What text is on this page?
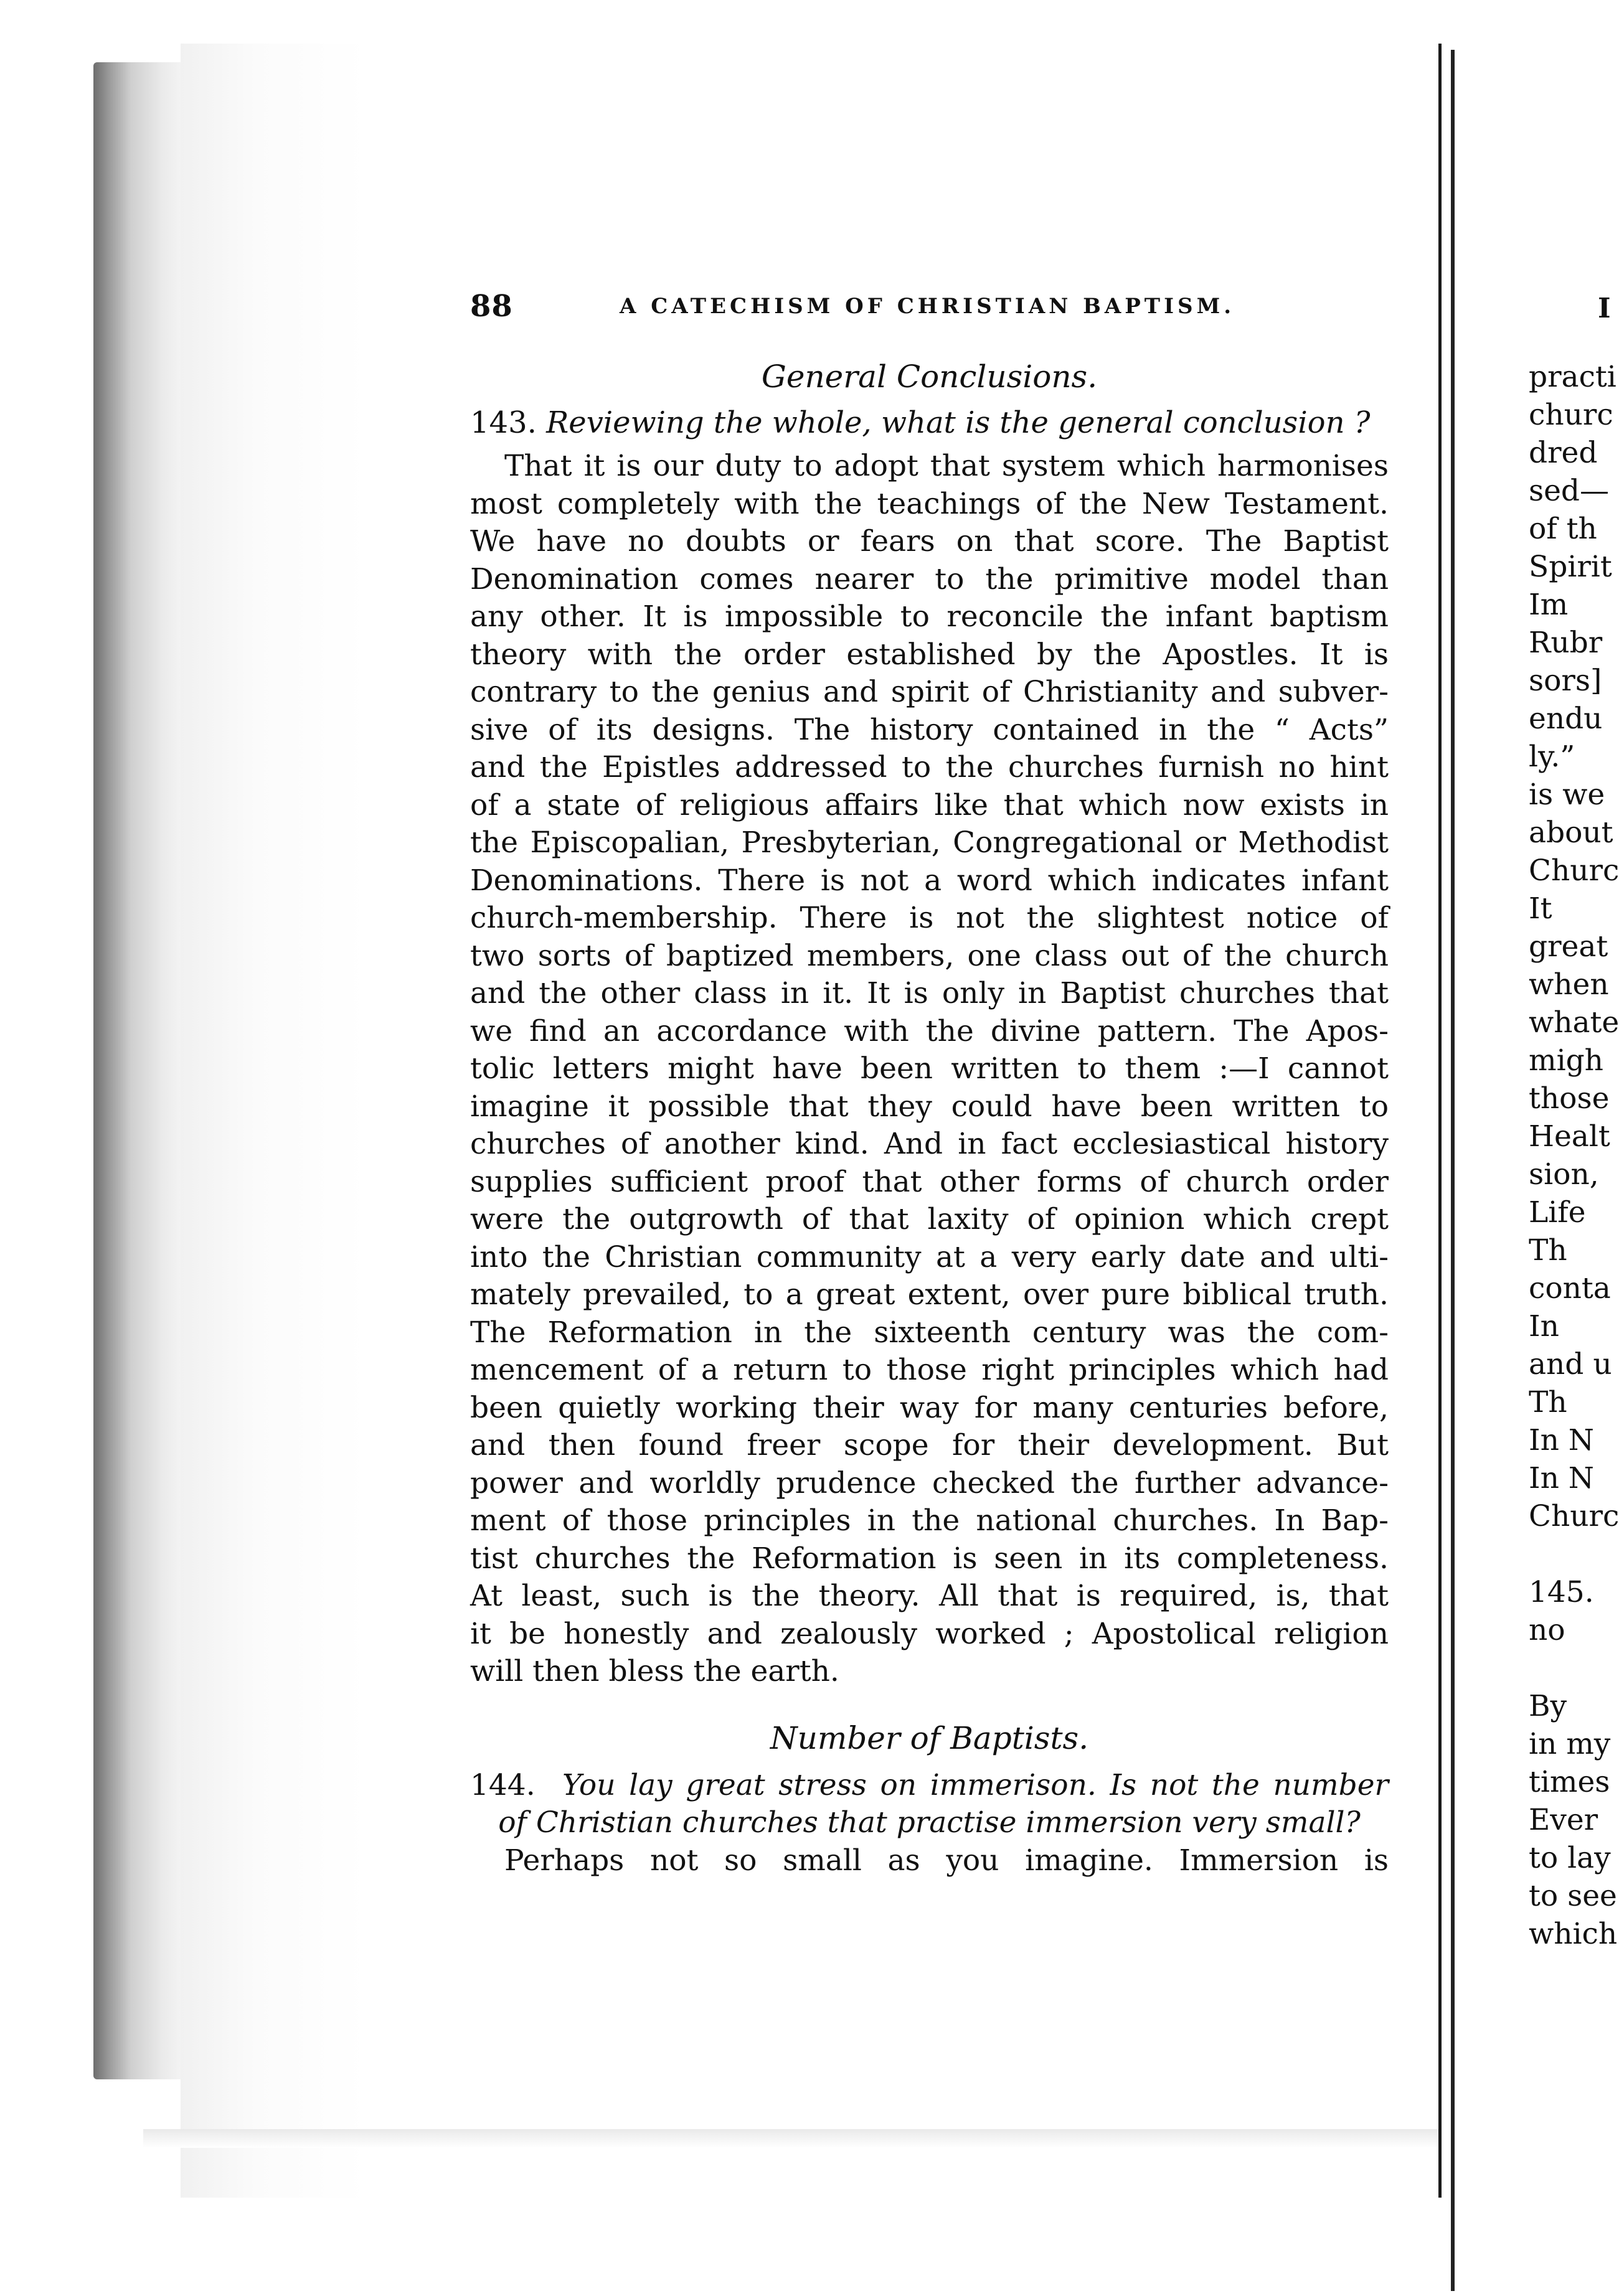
88	A CATECHISM OF CHRISTIAN BAPTISM.

General Conclusions.

143. Reviewing the whole, what is the general conclusion ?

That it is our duty to adopt that system which harmonises
most completely with the teachings of the New Testament.
We have no doubts or fears on that score. The Baptist
Denomination comes nearer to the primitive model than
any other. It is impossible to reconcile the infant baptism
theory with the order established by the Apostles. It is
contrary to the genius and spirit of Christianity and subver-
sive of its designs. The history contained in the “ Acts”
and the Epistles addressed to the churches furnish no hint
of a state of religious affairs like that which now exists in
the Episcopalian, Presbyterian, Congregational or Methodist
Denominations. There is not a word which indicates infant
church-membership. There is not the slightest notice of
two sorts of baptized members, one class out of the church
and the other class in it. It is only in Baptist churches that
we find an accordance with the divine pattern. The Apos-
tolic letters might have been written to them :—I cannot
imagine it possible that they could have been written to
churches of another kind. And in fact ecclesiastical history
supplies sufficient proof that other forms of church order
were the outgrowth of that laxity of opinion which crept
into the Christian community at a very early date and ulti-
mately prevailed, to a great extent, over pure biblical truth.
The Reformation in the sixteenth century was the com-
mencement of a return to those right principles which had
been quietly working their way for many centuries before,
and then found freer scope for their development. But
power and worldly prudence checked the further advance-
ment of those principles in the national churches. In Bap-
tist churches the Reformation is seen in its completeness.
At least, such is the theory. All that is required, is, that
it be honestly and zealously worked ; Apostolical religion
will then bless the earth.

Number of Baptists.

144. You lay great stress on immerison. Is not the number
of Christian churches that practise immersion very small?
Perhaps not so small as you imagine. Immersion is
I
practi
churc
dred
sed—
of th
Spirit
Im
Rubr
sors]
endu
ly.”
is we
about
Churc
It
great
when
whate
migh
those
Healt
sion,
Life
Th
conta
In
and u
Th
In N
In N
Churc
145.
no
By
in my
times
Ever
to lay
to see
which
